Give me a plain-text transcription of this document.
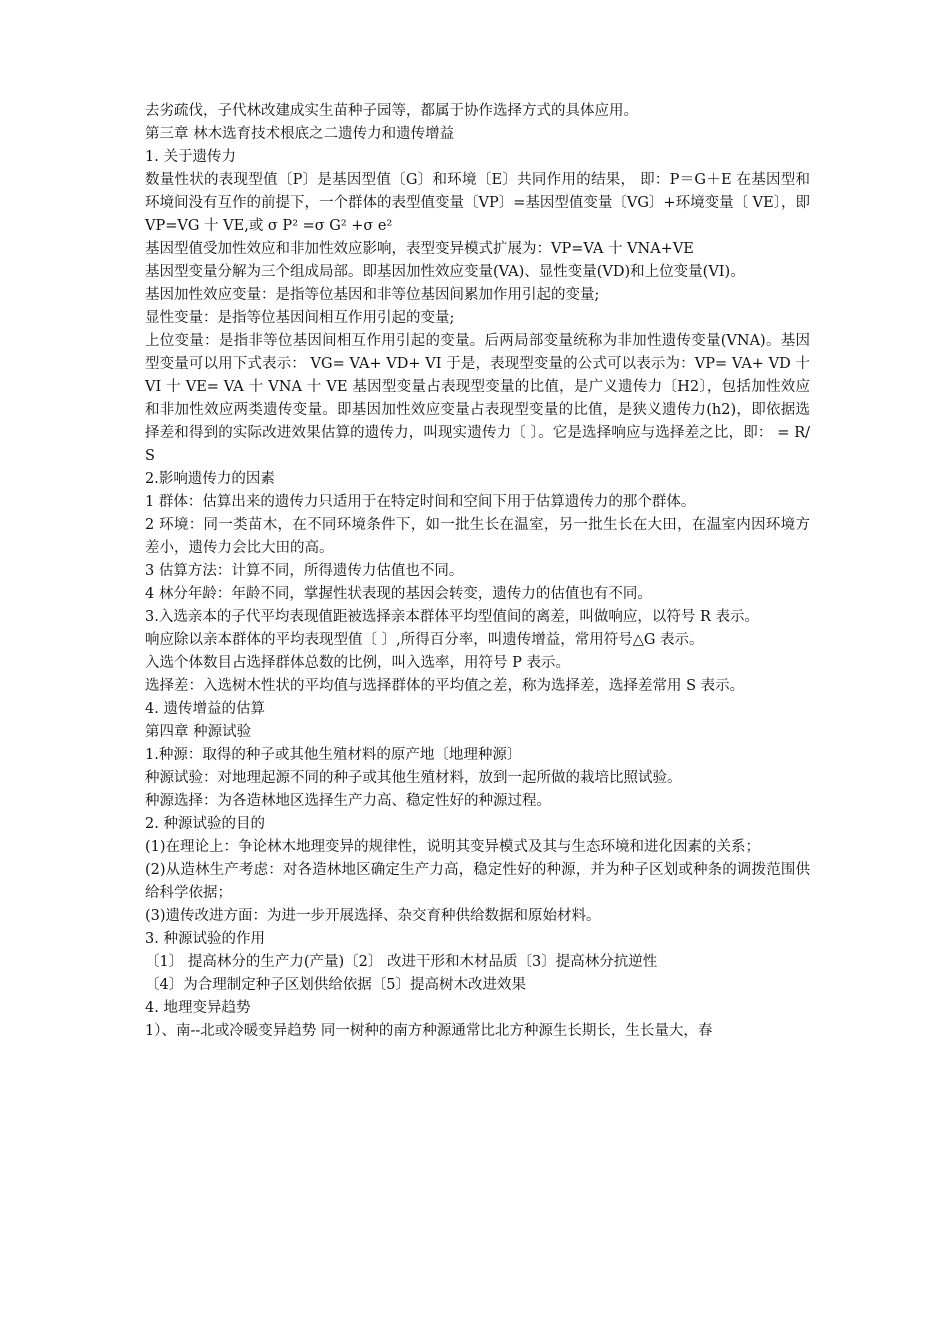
去劣疏伐，子代林改建成实生苗种子园等，都属于协作选择方式的具体应用。

第三章 林木选育技术根底之二遗传力和遗传增益

1. 关于遗传力

数量性状的表现型值〔P〕是基因型值〔G〕和环境〔E〕共同作用的结果， 即：P＝G＋E 在基因型和环境间没有互作的前提下，一个群体的表型值变量〔VP〕=基因型值变量〔VG〕+环境变量〔 VE〕，即 VP=VG 十 VE,或 σ P² =σ G² +σ e²

基因型值受加性效应和非加性效应影响，表型变异模式扩展为：VP=VA 十 VNA+VE

基因型变量分解为三个组成局部。即基因加性效应变量(VA)、显性变量(VD)和上位变量(VI)。

基因加性效应变量：是指等位基因和非等位基因间累加作用引起的变量;

显性变量：是指等位基因间相互作用引起的变量;

上位变量：是指非等位基因间相互作用引起的变量。后两局部变量统称为非加性遗传变量(VNA)。基因型变量可以用下式表示： VG= VA+ VD+ VI 于是，表现型变量的公式可以表示为：VP= VA+ VD 十 VI 十 VE= VA 十 VNA 十 VE 基因型变量占表现型变量的比值，是广义遗传力〔H2〕，包括加性效应和非加性效应两类遗传变量。即基因加性效应变量占表现型变量的比值，是狭义遗传力(h2)，即依据选择差和得到的实际改进效果估算的遗传力，叫现实遗传力〔 〕。它是选择响应与选择差之比，即： = R/S

2.影响遗传力的因素

1 群体：估算出来的遗传力只适用于在特定时间和空间下用于估算遗传力的那个群体。

2 环境：同一类苗木，在不同环境条件下，如一批生长在温室，另一批生长在大田，在温室内因环境方差小，遗传力会比大田的高。

3 估算方法：计算不同，所得遗传力估值也不同。

4 林分年龄：年龄不同，掌握性状表现的基因会转变，遗传力的估值也有不同。

3.入选亲本的子代平均表现值距被选择亲本群体平均型值间的离差，叫做响应，以符号 R 表示。

响应除以亲本群体的平均表现型值〔 〕,所得百分率，叫遗传增益，常用符号△G 表示。

入选个体数目占选择群体总数的比例，叫入选率，用符号 P 表示。

选择差：入选树木性状的平均值与选择群体的平均值之差，称为选择差，选择差常用 S 表示。

4. 遗传增益的估算

第四章 种源试验

1.种源：取得的种子或其他生殖材料的原产地〔地理种源〕

种源试验：对地理起源不同的种子或其他生殖材料，放到一起所做的栽培比照试验。

种源选择：为各造林地区选择生产力高、稳定性好的种源过程。

2. 种源试验的目的

(1)在理论上：争论林木地理变异的规律性，说明其变异模式及其与生态环境和进化因素的关系；

(2)从造林生产考虑：对各造林地区确定生产力高，稳定性好的种源，并为种子区划或种条的调拨范围供给科学依据；

(3)遗传改进方面：为进一步开展选择、杂交育种供给数据和原始材料。

3. 种源试验的作用

〔1〕 提高林分的生产力(产量)〔2〕 改进干形和木材品质〔3〕提高林分抗逆性

〔4〕为合理制定种子区划供给依据〔5〕提高树木改进效果

4. 地理变异趋势

1）、南--北或冷暖变异趋势 同一树种的南方种源通常比北方种源生长期长，生长量大，春
